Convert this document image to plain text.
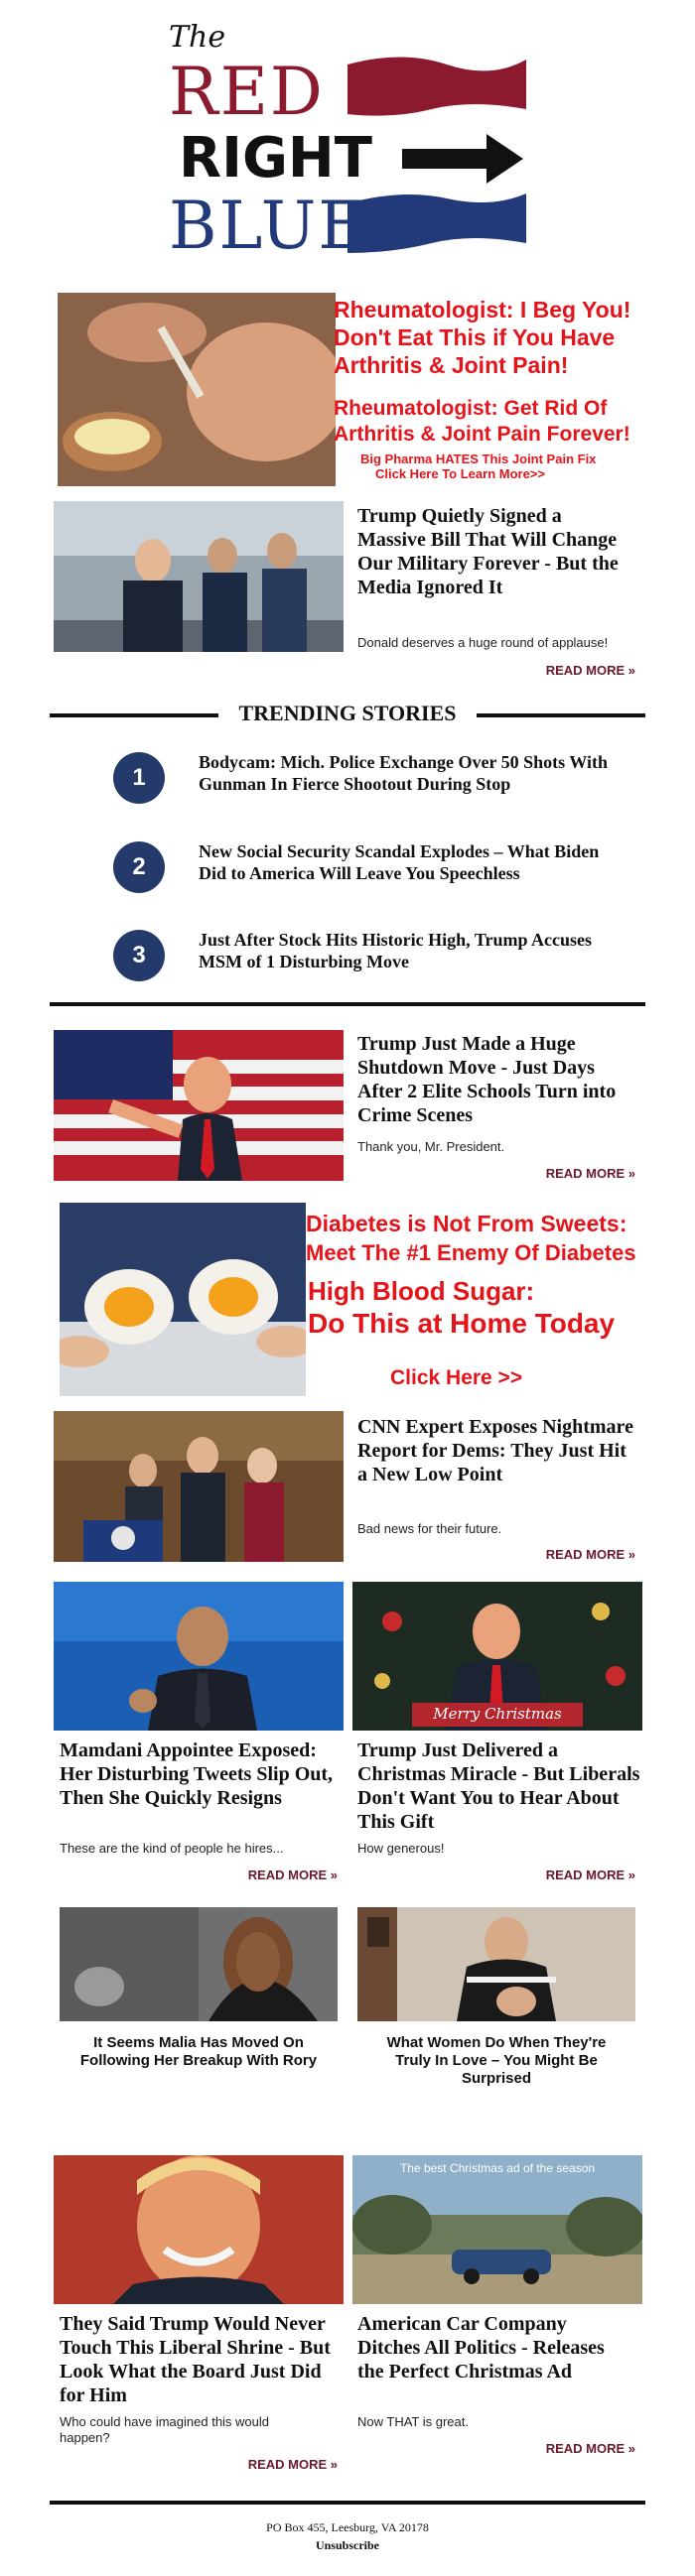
The
RED
RIGHT
BLUE
Rheumatologist: I Beg You!
Don't Eat This if You Have
Arthritis & Joint Pain!
Rheumatologist: Get Rid Of
Arthritis & Joint Pain Forever!
Big Pharma HATES This Joint Pain Fix
Click Here To Learn More>>
Trump Quietly Signed a Massive Bill That Will Change Our Military Forever - But the Media Ignored It
Donald deserves a huge round of applause!
READ MORE »
TRENDING STORIES
1
Bodycam: Mich. Police Exchange Over 50 Shots With Gunman In Fierce Shootout During Stop
2
New Social Security Scandal Explodes – What Biden Did to America Will Leave You Speechless
3
Just After Stock Hits Historic High, Trump Accuses MSM of 1 Disturbing Move
Trump Just Made a Huge Shutdown Move - Just Days After 2 Elite Schools Turn into Crime Scenes
Thank you, Mr. President.
READ MORE »
Diabetes is Not From Sweets:
Meet The #1 Enemy Of Diabetes
High Blood Sugar:
Do This at Home Today
Click Here >>
CNN Expert Exposes Nightmare Report for Dems: They Just Hit a New Low Point
Bad news for their future.
READ MORE »
Mamdani Appointee Exposed: Her Disturbing Tweets Slip Out, Then She Quickly Resigns
These are the kind of people he hires...
READ MORE »
Merry Christmas
Trump Just Delivered a Christmas Miracle - But Liberals Don't Want You to Hear About This Gift
How generous!
READ MORE »
It Seems Malia Has Moved On Following Her Breakup With Rory
What Women Do When They're Truly In Love – You Might Be Surprised
They Said Trump Would Never Touch This Liberal Shrine - But Look What the Board Just Did for Him
Who could have imagined this would happen?
READ MORE »
The best Christmas ad of the season
American Car Company Ditches All Politics - Releases the Perfect Christmas Ad
Now THAT is great.
READ MORE »
PO Box 455, Leesburg, VA 20178
Unsubscribe
